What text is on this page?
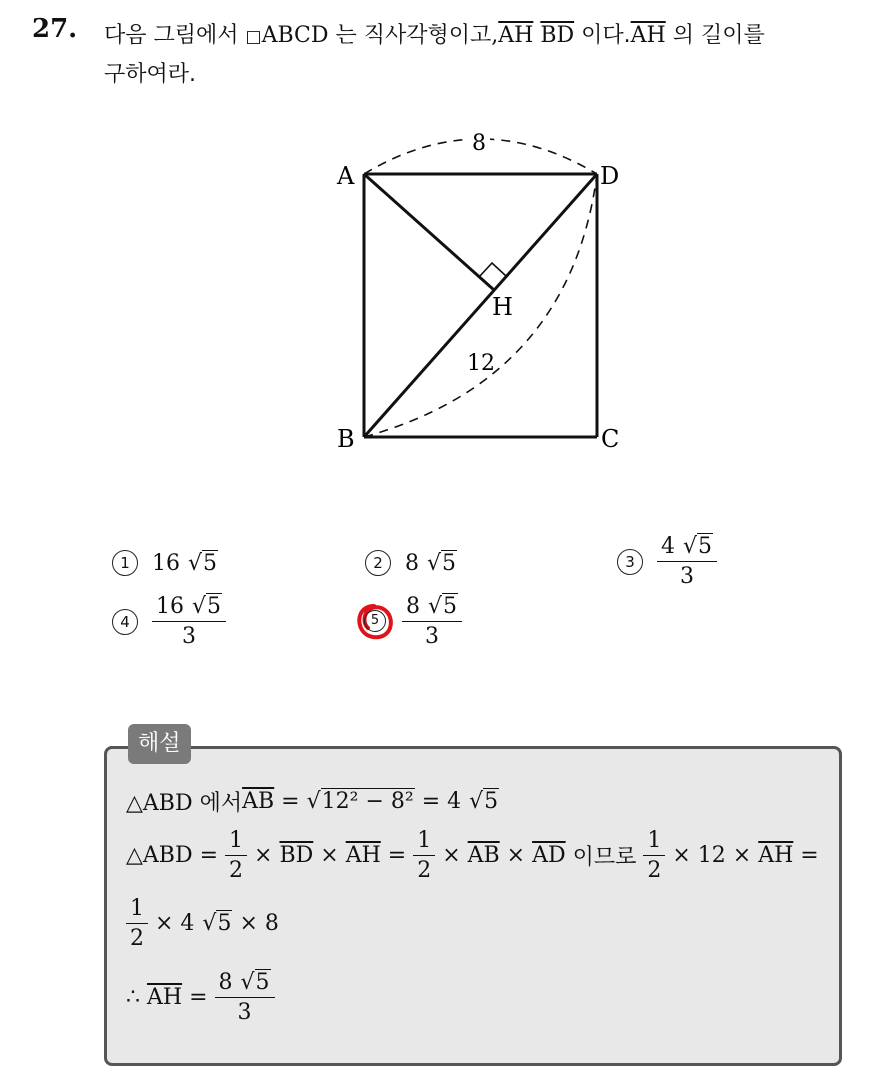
27. 다음 그림에서 □ABCD 는 직사각형이고$,\overline{AH}$ $\overline{BD}$ 이다$.\overline{AH}$ 의 길이를
구하여라.
8
12
A	D
B	C
H
1	16 √5	2	8 √5	3	$\frac{4 √5}{3}$
4	$\frac{16 √5}{3}$	5	$\frac{8 √5}{3}$
해설
△ABD 에서 $\overline{AB} = √12^2 - 8^2 = 4$ √5
△ABD = $\frac{1}{2} \times \overline{BD} \times \overline{AH} = \frac{1}{2} \times \overline{AB} \times \overline{AD}$ 이므로 $\frac{1}{2} \times 12 \times \overline{AH}$ =
$\frac{1}{2} \times 4$ √5 × 8
∴ $\overline{AH} = \frac{8 √5}{3}$
